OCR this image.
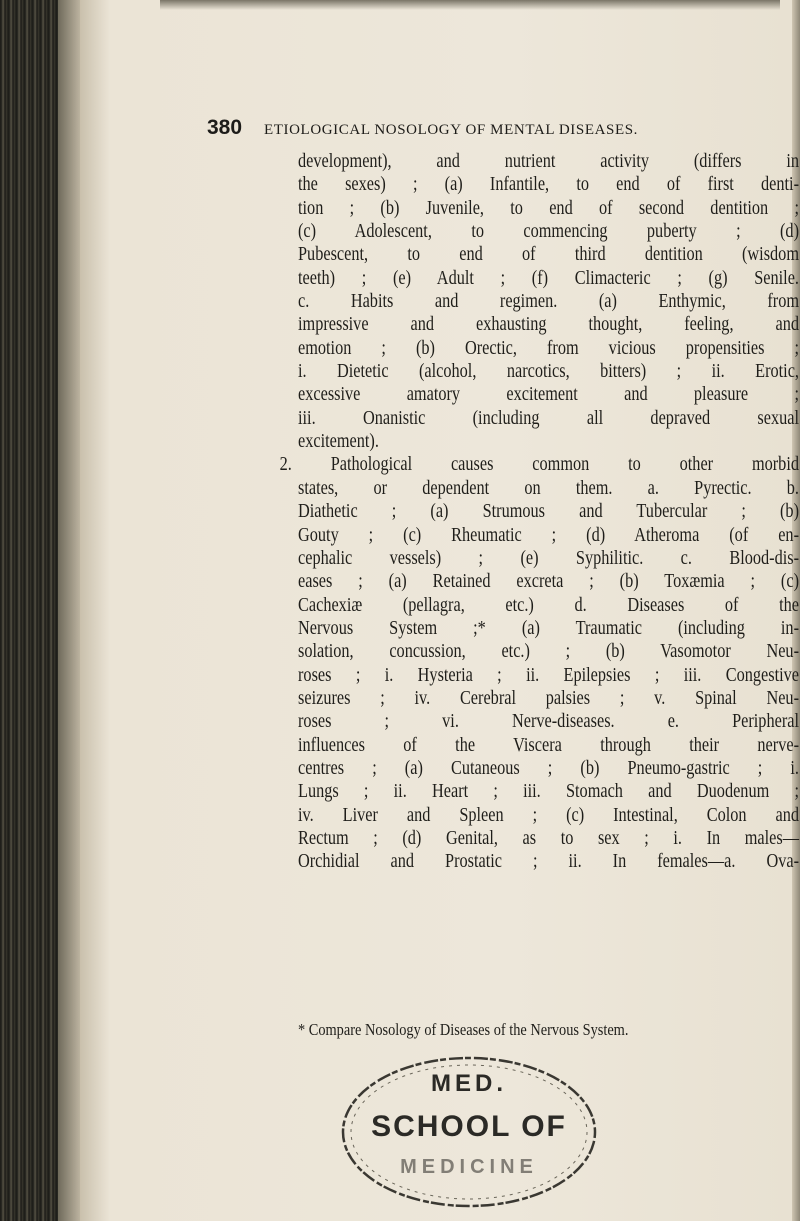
380 ETIOLOGICAL NOSOLOGY OF MENTAL DISEASES.
development), and nutrient activity (differs in
the sexes) ; (a) Infantile, to end of first denti-
tion ; (b) Juvenile, to end of second dentition ;
(c) Adolescent, to commencing puberty ; (d)
Pubescent, to end of third dentition (wisdom
teeth) ; (e) Adult ; (f) Climacteric ; (g) Senile.
c. Habits and regimen. (a) Enthymic, from
impressive and exhausting thought, feeling, and
emotion ; (b) Orectic, from vicious propensities ;
i. Dietetic (alcohol, narcotics, bitters) ; ii. Erotic,
excessive amatory excitement and pleasure ;
iii. Onanistic (including all depraved sexual
excitement).
2. Pathological causes common to other morbid
states, or dependent on them. a. Pyrectic. b.
Diathetic ; (a) Strumous and Tubercular ; (b)
Gouty ; (c) Rheumatic ; (d) Atheroma (of en-
cephalic vessels) ; (e) Syphilitic. c. Blood-dis-
eases ; (a) Retained excreta ; (b) Toxæmia ; (c)
Cachexiæ (pellagra, etc.) d. Diseases of the
Nervous System ;* (a) Traumatic (including in-
solation, concussion, etc.) ; (b) Vasomotor Neu-
roses ; i. Hysteria ; ii. Epilepsies ; iii. Congestive
seizures ; iv. Cerebral palsies ; v. Spinal Neu-
roses ; vi. Nerve-diseases. e. Peripheral
influences of the Viscera through their nerve-
centres ; (a) Cutaneous ; (b) Pneumo-gastric ; i.
Lungs ; ii. Heart ; iii. Stomach and Duodenum ;
iv. Liver and Spleen ; (c) Intestinal, Colon and
Rectum ; (d) Genital, as to sex ; i. In males—
Orchidial and Prostatic ; ii. In females—a. Ova-
* Compare Nosology of Diseases of the Nervous System.
MED.
SCHOOL OF
MEDICINE
